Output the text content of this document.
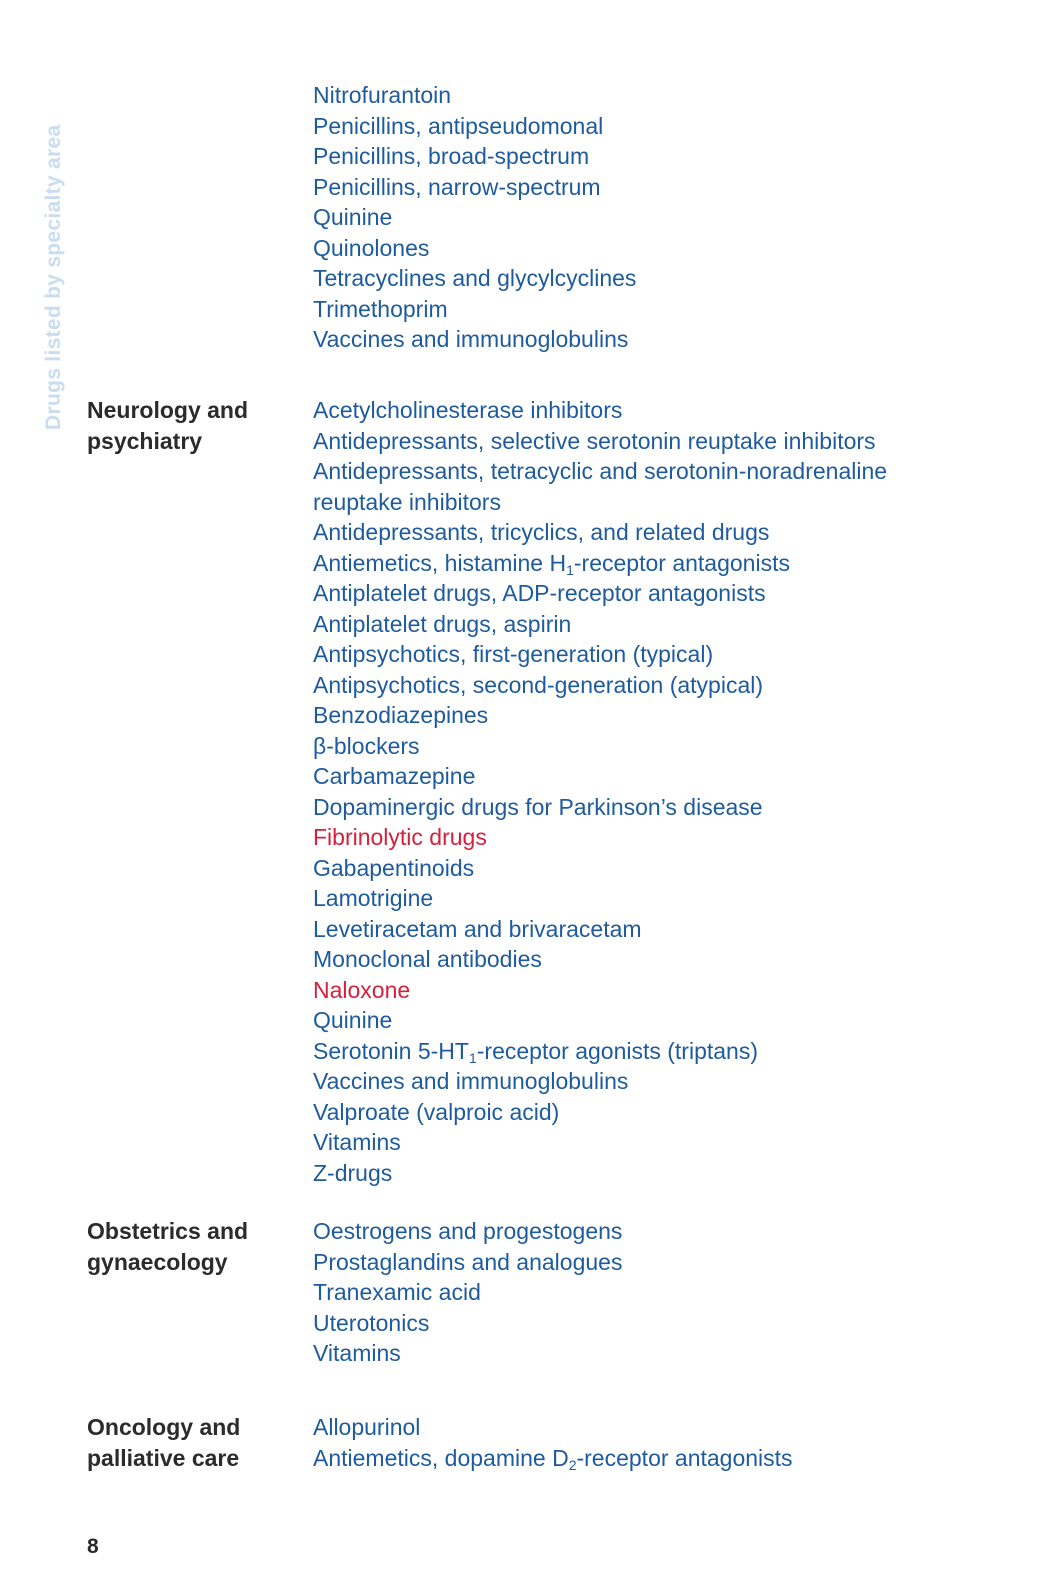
Drugs listed by specialty area
Nitrofurantoin
Penicillins, antipseudomonal
Penicillins, broad-spectrum
Penicillins, narrow-spectrum
Quinine
Quinolones
Tetracyclines and glycylcyclines
Trimethoprim
Vaccines and immunoglobulins
Neurology and
psychiatry
Acetylcholinesterase inhibitors
Antidepressants, selective serotonin reuptake inhibitors
Antidepressants, tetracyclic and serotonin-noradrenaline
reuptake inhibitors
Antidepressants, tricyclics, and related drugs
Antiemetics, histamine $H_1$-receptor antagonists
Antiplatelet drugs, ADP-receptor antagonists
Antiplatelet drugs, aspirin
Antipsychotics, first-generation (typical)
Antipsychotics, second-generation (atypical)
Benzodiazepines
β-blockers
Carbamazepine
Dopaminergic drugs for Parkinson’s disease
Fibrinolytic drugs
Gabapentinoids
Lamotrigine
Levetiracetam and brivaracetam
Monoclonal antibodies
Naloxone
Quinine
Serotonin $5-HT_1$-receptor agonists (triptans)
Vaccines and immunoglobulins
Valproate (valproic acid)
Vitamins
Z-drugs
Obstetrics and
gynaecology
Oestrogens and progestogens
Prostaglandins and analogues
Tranexamic acid
Uterotonics
Vitamins
Oncology and
palliative care
Allopurinol
Antiemetics, dopamine $D_2$-receptor antagonists
8
